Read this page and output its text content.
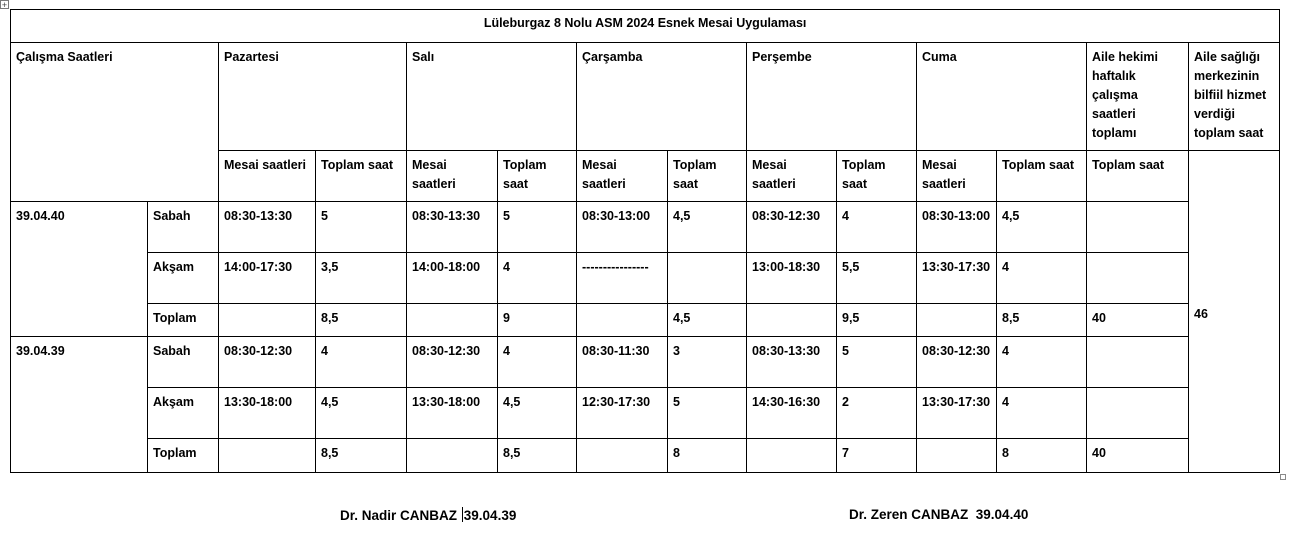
+
Lüleburgaz 8 Nolu ASM 2024 Esnek Mesai Uygulaması													
Çalışma Saatleri		Pazartesi		Salı		Çarşamba		Perşembe		Cuma		Aile hekimi haftalık çalışma saatleri toplamı	Aile sağlığı merkezinin bilfiil hizmet verdiği toplam saat
		Mesai saatleri	Toplam saat	Mesai saatleri	Toplam saat	Mesai saatleri	Toplam saat	Mesai saatleri	Toplam saat	Mesai saatleri	Toplam saat	Toplam saat	46
39.04.40	Sabah	08:30-13:30	5	08:30-13:30	5	08:30-13:00	4,5	08:30-12:30	4	08:30-13:00	4,5		
	Akşam	14:00-17:30	3,5	14:00-18:00	4	----------------		13:00-18:30	5,5	13:30-17:30	4		
	Toplam		8,5		9		4,5		9,5		8,5	40	
39.04.39	Sabah	08:30-12:30	4	08:30-12:30	4	08:30-11:30	3	08:30-13:30	5	08:30-12:30	4		
	Akşam	13:30-18:00	4,5	13:30-18:00	4,5	12:30-17:30	5	14:30-16:30	2	13:30-17:30	4		
	Toplam		8,5		8,5		8		7		8	40	
Dr. Nadir CANBAZ 39.04.39	Dr. Zeren CANBAZ 39.04.40
